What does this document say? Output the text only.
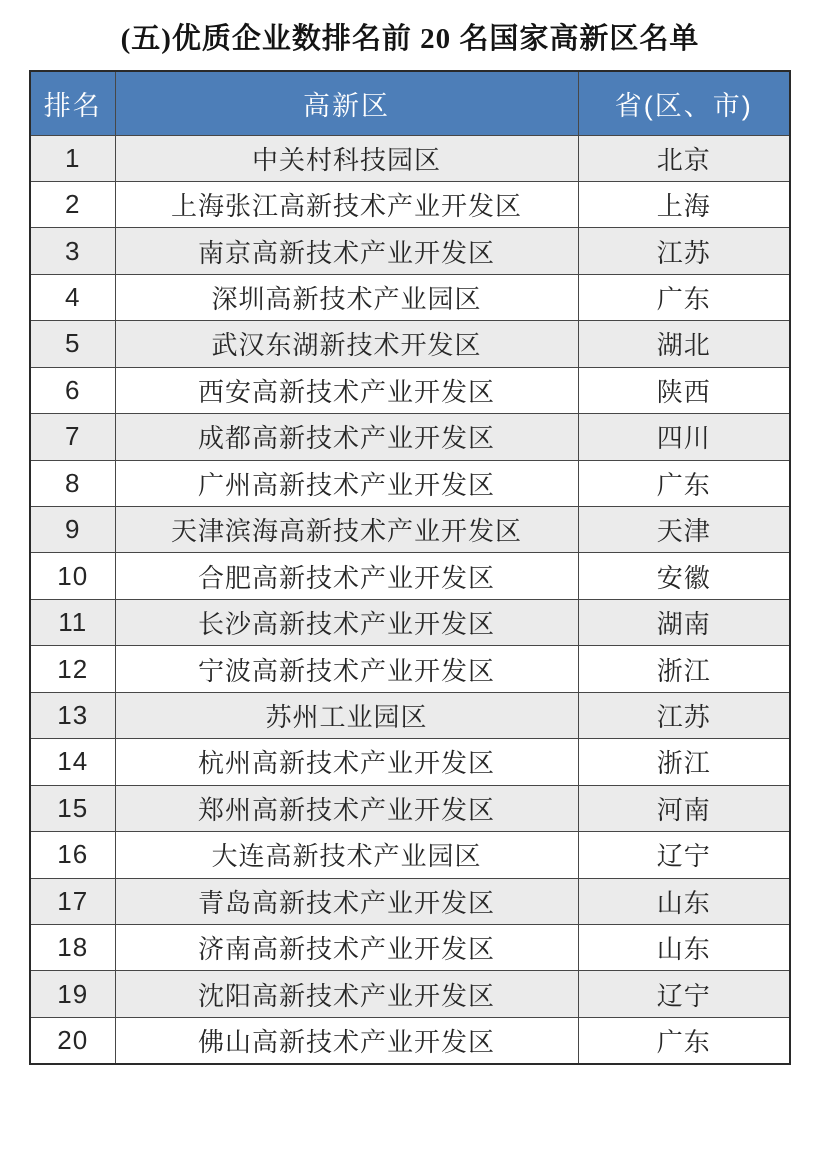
(五)优质企业数排名前 20 名国家高新区名单
排名	高新区	省(区、市)
1	中关村科技园区	北京
2	上海张江高新技术产业开发区	上海
3	南京高新技术产业开发区	江苏
4	深圳高新技术产业园区	广东
5	武汉东湖新技术开发区	湖北
6	西安高新技术产业开发区	陕西
7	成都高新技术产业开发区	四川
8	广州高新技术产业开发区	广东
9	天津滨海高新技术产业开发区	天津
10	合肥高新技术产业开发区	安徽
11	长沙高新技术产业开发区	湖南
12	宁波高新技术产业开发区	浙江
13	苏州工业园区	江苏
14	杭州高新技术产业开发区	浙江
15	郑州高新技术产业开发区	河南
16	大连高新技术产业园区	辽宁
17	青岛高新技术产业开发区	山东
18	济南高新技术产业开发区	山东
19	沈阳高新技术产业开发区	辽宁
20	佛山高新技术产业开发区	广东
